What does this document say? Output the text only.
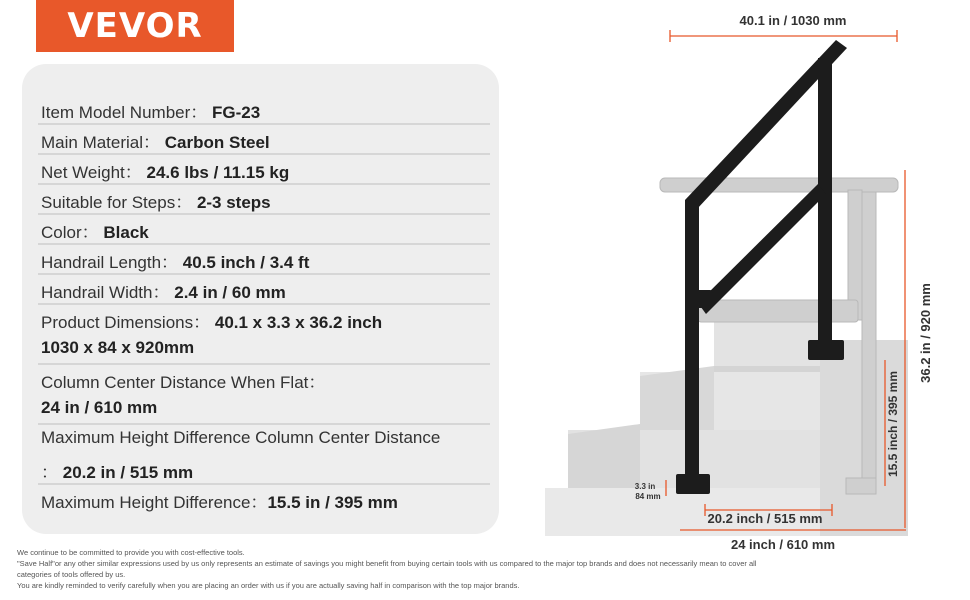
VEVOR
Item Model Number： FG-23
Main Material： Carbon Steel
Net Weight： 24.6 lbs / 11.15 kg
Suitable for Steps： 2-3 steps
Color： Black
Handrail Length： 40.5 inch / 3.4 ft
Handrail Width： 2.4 in / 60 mm
Product Dimensions： 40.1 x 3.3 x 36.2 inch
1030 x 84 x 920mm
Column Center Distance When Flat：
24 in / 610 mm
Maximum Height Difference Column Center Distance
： 20.2 in / 515 mm
Maximum Height Difference：15.5 in / 395 mm
40.1 in / 1030 mm
36.2 in / 920 mm
15.5 inch / 395 mm
3.3 in
84 mm
20.2 inch / 515 mm
24 inch / 610 mm
We continue to be committed to provide you with cost-effective tools.
"Save Half"or any other similar expressions used by us only represents an estimate of savings you might benefit from buying certain tools with us compared to the major top brands and does not necessarily mean to cover all
categories of tools offered by us.
You are kindly reminded to verify carefully when you are placing an order with us if you are actually saving half in comparison with the top major brands.
